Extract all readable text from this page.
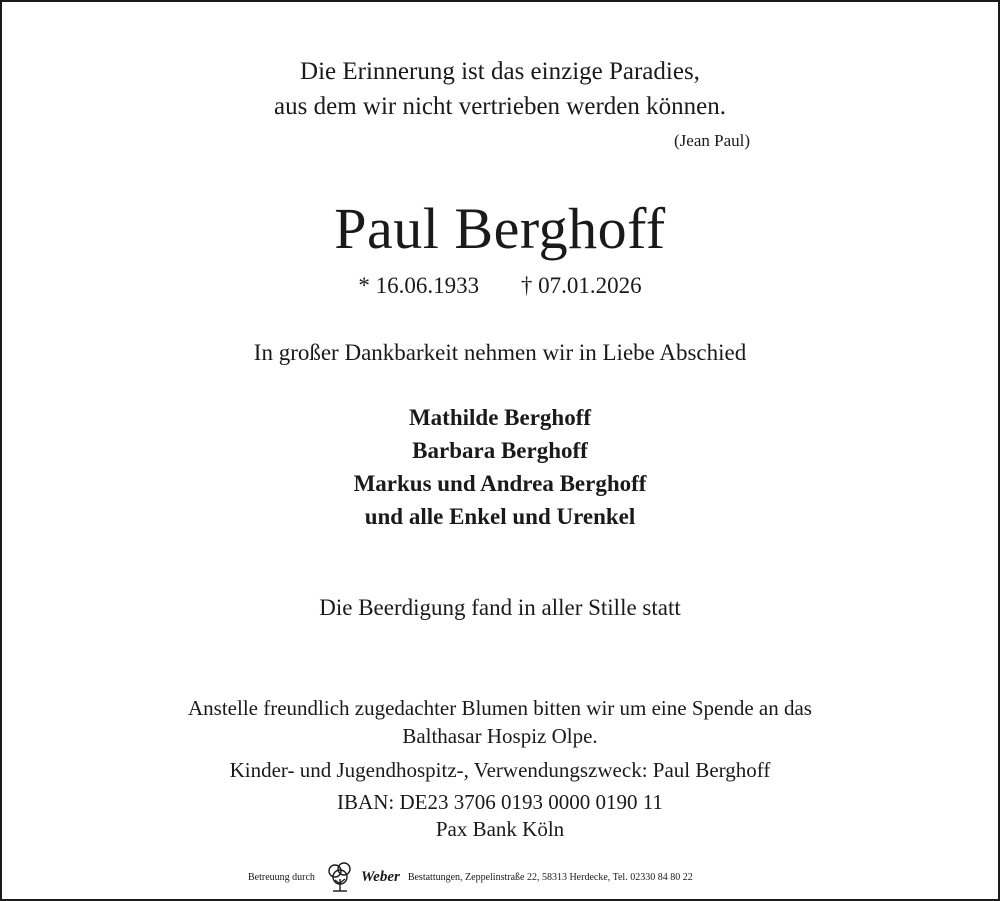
Die Erinnerung ist das einzige Paradies,
aus dem wir nicht vertrieben werden können.
(Jean Paul)
Paul Berghoff
* 16.06.1933 † 07.01.2026
In großer Dankbarkeit nehmen wir in Liebe Abschied
Mathilde Berghoff
Barbara Berghoff
Markus und Andrea Berghoff
und alle Enkel und Urenkel
Die Beerdigung fand in aller Stille statt
Anstelle freundlich zugedachter Blumen bitten wir um eine Spende an das
Balthasar Hospiz Olpe.
Kinder- und Jugendhospitz-, Verwendungszweck: Paul Berghoff
IBAN: DE23 3706 0193 0000 0190 11
Pax Bank Köln
Betreuung durch	Weber Bestattungen, Zeppelinstraße 22, 58313 Herdecke, Tel. 02330 84 80 22
